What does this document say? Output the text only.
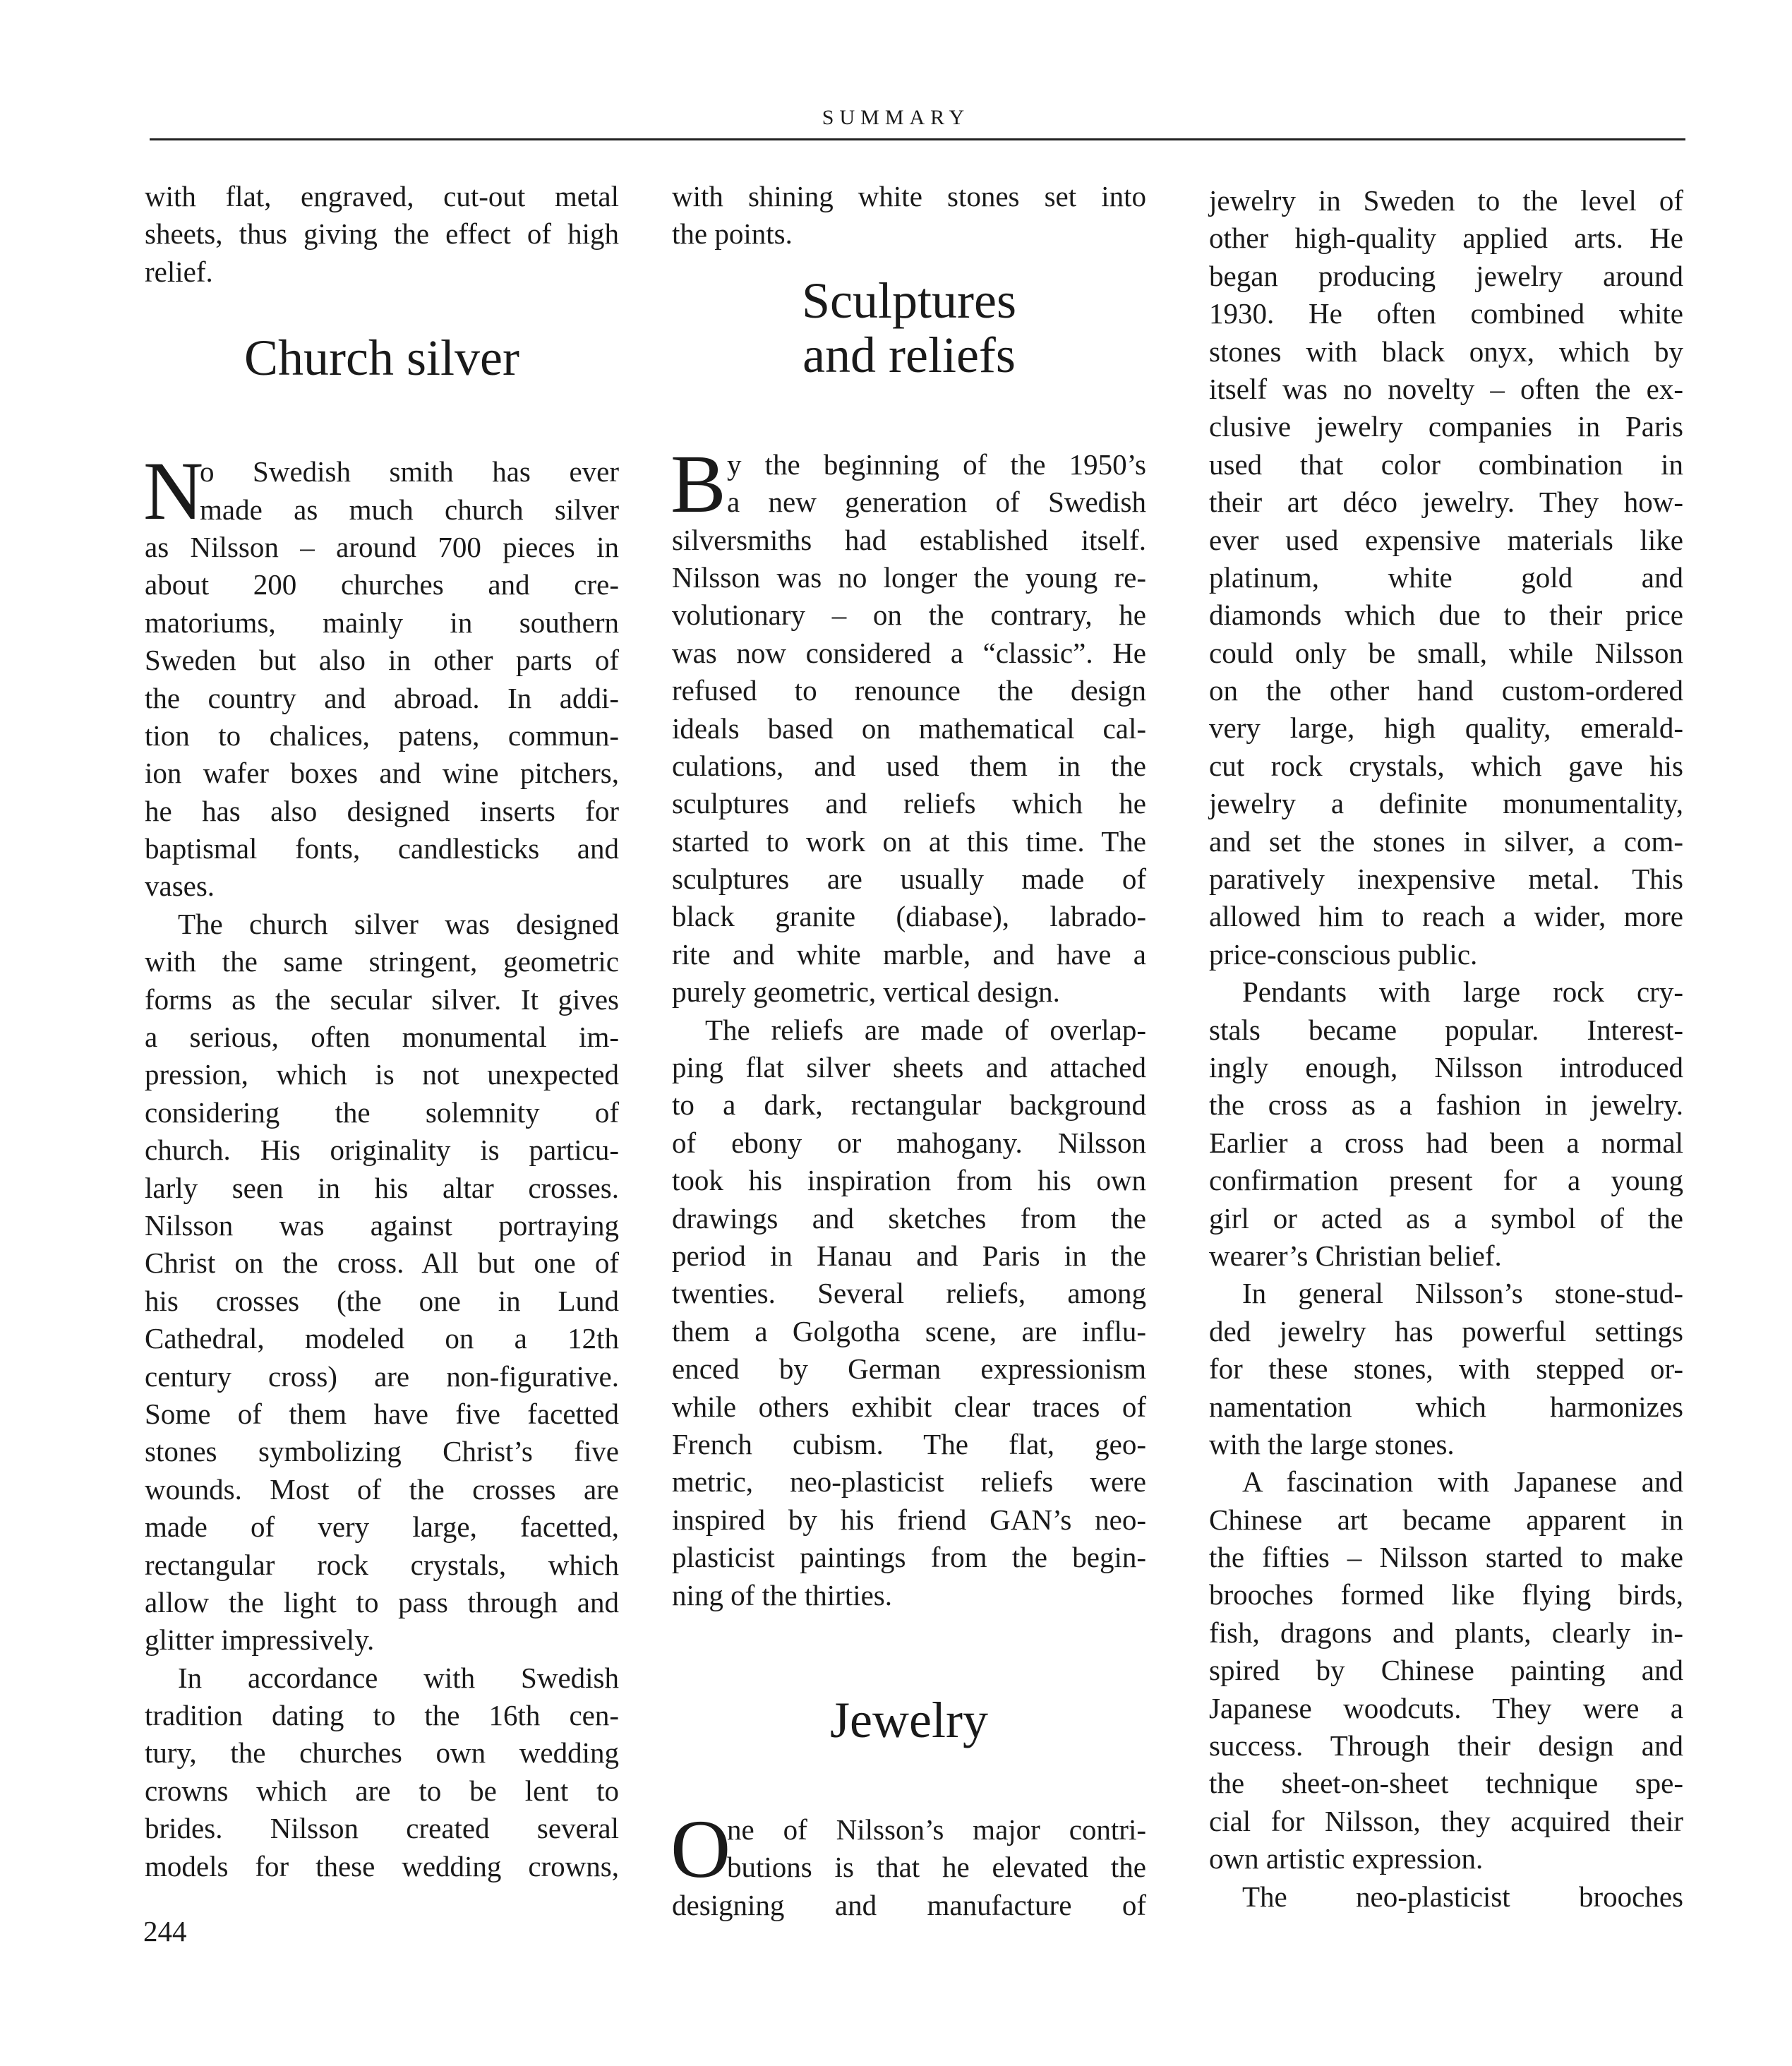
SUMMARY
with flat, engraved, cut-out metal
sheets, thus giving the effect of high
relief.
Church silver
N
o Swedish smith has ever
made as much church silver
as Nilsson – around 700 pieces in
about 200 churches and cre-
matoriums, mainly in southern
Sweden but also in other parts of
the country and abroad. In addi-
tion to chalices, patens, commun-
ion wafer boxes and wine pitchers,
he has also designed inserts for
baptismal fonts, candlesticks and
vases.
The church silver was designed
with the same stringent, geometric
forms as the secular silver. It gives
a serious, often monumental im-
pression, which is not unexpected
considering the solemnity of
church. His originality is particu-
larly seen in his altar crosses.
Nilsson was against portraying
Christ on the cross. All but one of
his crosses (the one in Lund
Cathedral, modeled on a 12th
century cross) are non-figurative.
Some of them have five facetted
stones symbolizing Christ’s five
wounds. Most of the crosses are
made of very large, facetted,
rectangular rock crystals, which
allow the light to pass through and
glitter impressively.
In accordance with Swedish
tradition dating to the 16th cen-
tury, the churches own wedding
crowns which are to be lent to
brides. Nilsson created several
models for these wedding crowns,
with shining white stones set into
the points.
Sculptures
and reliefs
B y the beginning of the 1950’s
a new generation of Swedish
silversmiths had established itself.
Nilsson was no longer the young re-
volutionary – on the contrary, he
was now considered a “classic”. He
refused to renounce the design
ideals based on mathematical cal-
culations, and used them in the
sculptures and reliefs which he
started to work on at this time. The
sculptures are usually made of
black granite (diabase), labrado-
rite and white marble, and have a
purely geometric, vertical design.
The reliefs are made of overlap-
ping flat silver sheets and attached
to a dark, rectangular background
of ebony or mahogany. Nilsson
took his inspiration from his own
drawings and sketches from the
period in Hanau and Paris in the
twenties. Several reliefs, among
them a Golgotha scene, are influ-
enced by German expressionism
while others exhibit clear traces of
French cubism. The flat, geo-
metric, neo-plasticist reliefs were
inspired by his friend GAN’s neo-
plasticist paintings from the begin-
ning of the thirties.
Jewelry
O
ne of Nilsson’s major contri-
butions is that he elevated the
designing and manufacture of
jewelry in Sweden to the level of
other high-quality applied arts. He
began producing jewelry around
1930. He often combined white
stones with black onyx, which by
itself was no novelty – often the ex-
clusive jewelry companies in Paris
used that color combination in
their art déco jewelry. They how-
ever used expensive materials like
platinum, white gold and
diamonds which due to their price
could only be small, while Nilsson
on the other hand custom-ordered
very large, high quality, emerald-
cut rock crystals, which gave his
jewelry a definite monumentality,
and set the stones in silver, a com-
paratively inexpensive metal. This
allowed him to reach a wider, more
price-conscious public.
Pendants with large rock cry-
stals became popular. Interest-
ingly enough, Nilsson introduced
the cross as a fashion in jewelry.
Earlier a cross had been a normal
confirmation present for a young
girl or acted as a symbol of the
wearer’s Christian belief.
In general Nilsson’s stone-stud-
ded jewelry has powerful settings
for these stones, with stepped or-
namentation which harmonizes
with the large stones.
A fascination with Japanese and
Chinese art became apparent in
the fifties – Nilsson started to make
brooches formed like flying birds,
fish, dragons and plants, clearly in-
spired by Chinese painting and
Japanese woodcuts. They were a
success. Through their design and
the sheet-on-sheet technique spe-
cial for Nilsson, they acquired their
own artistic expression.
The neo-plasticist brooches
244
